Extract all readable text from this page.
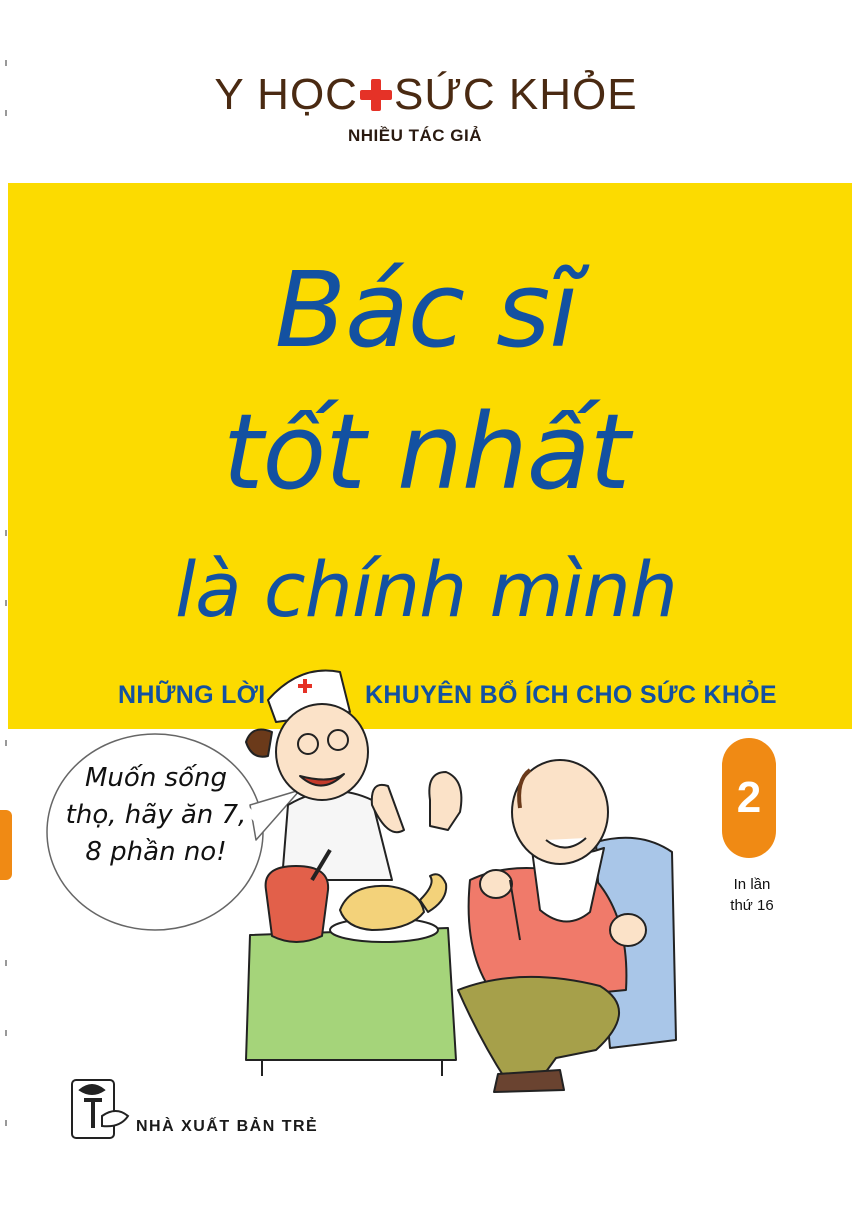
Y HỌC SỨC KHỎE
NHIỀU TÁC GIẢ
Bác sĩ
tốt nhất
là chính mình
NHỮNG LỜI	KHUYÊN BỔ ÍCH CHO SỨC KHỎE
2
In lần
thứ 16
Muốn sống thọ, hãy ăn 7, 8 phần no!
NHÀ XUẤT BẢN TRẺ
